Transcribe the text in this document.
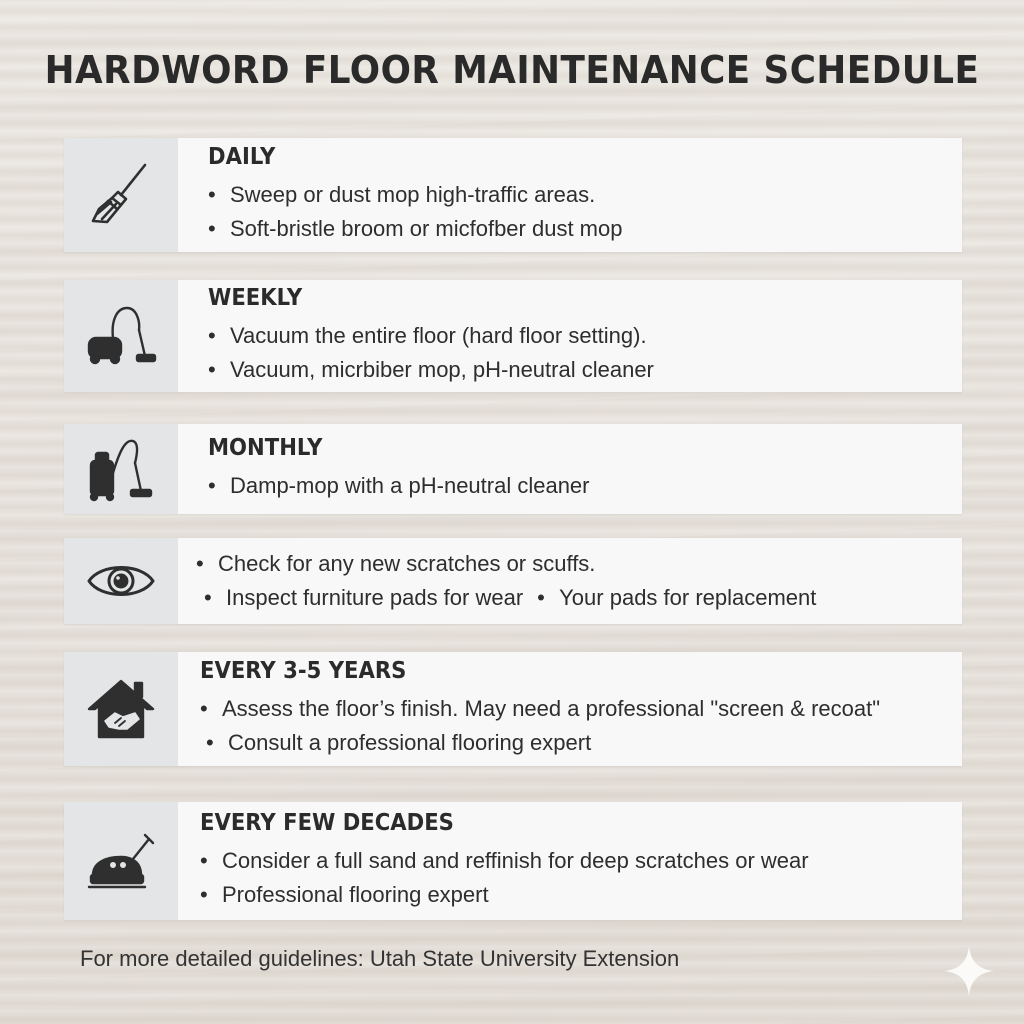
HARDWORD FLOOR MAINTENANCE SCHEDULE
DAILY
• Sweep or dust mop high-traffic areas.
• Soft-bristle broom or micfofber dust mop
WEEKLY
• Vacuum the entire floor (hard floor setting).
• Vacuum, micrbiber mop, pH-neutral cleaner
MONTHLY
• Damp-mop with a pH-neutral cleaner
• Check for any new scratches or scuffs.
• Inspect furniture pads for wear • Your pads for replacement
EVERY 3-5 YEARS
• Assess the floor’s finish. May need a professional "screen & recoat"
• Consult a professional flooring expert
EVERY FEW DECADES
• Consider a full sand and reffinish for deep scratches or wear
• Professional flooring expert
For more detailed guidelines: Utah State University Extension
